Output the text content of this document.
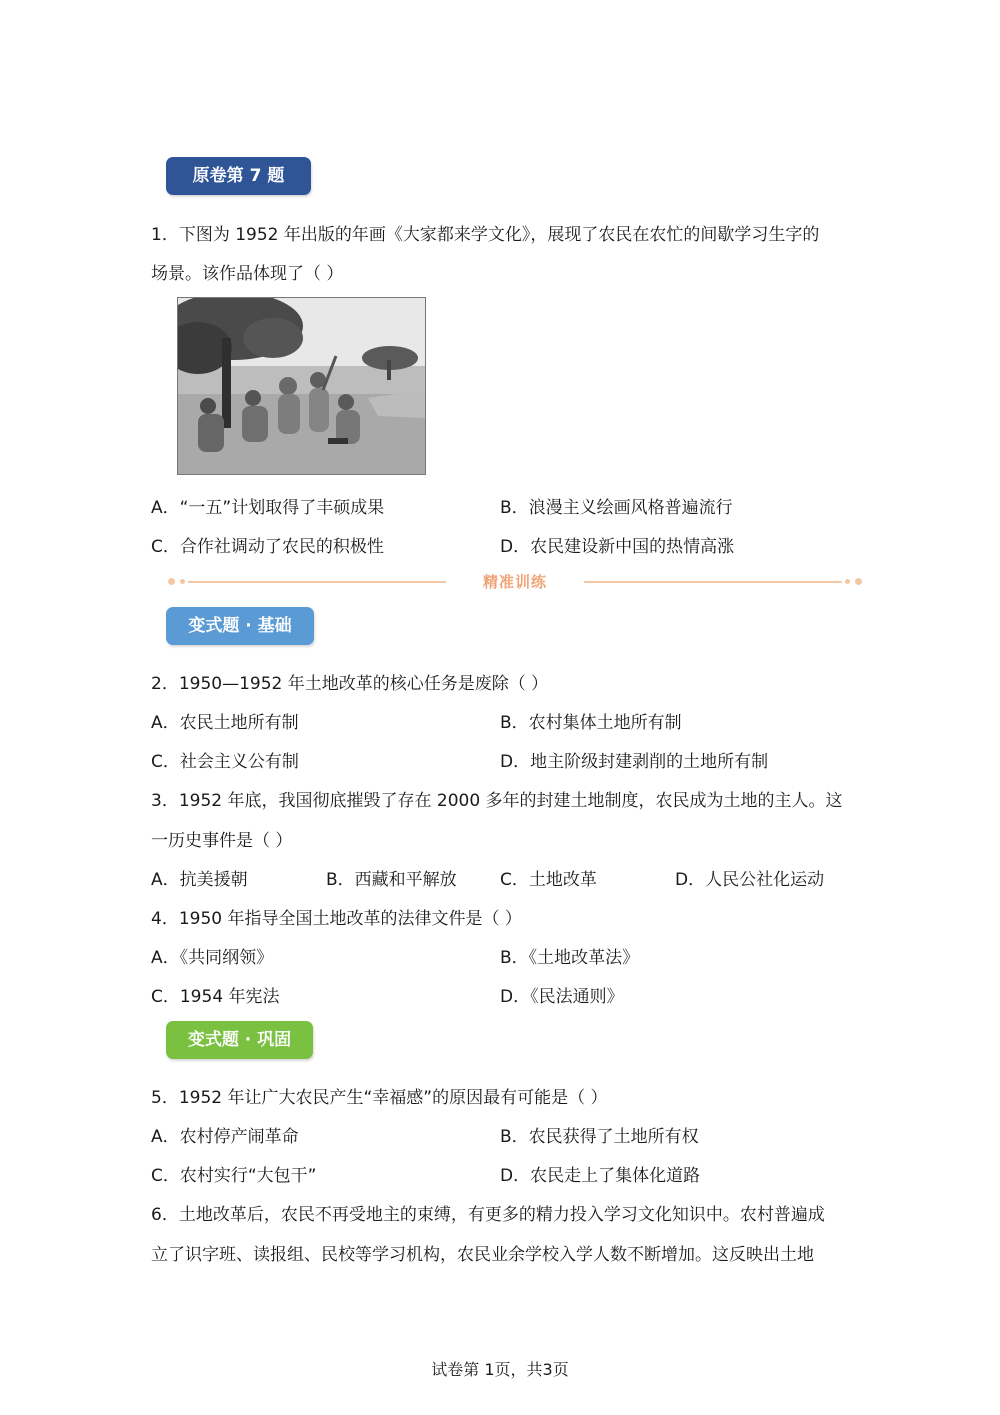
原卷第 7 题
1．下图为 1952 年出版的年画《大家都来学文化》，展现了农民在农忙的间歇学习生字的
场景。该作品体现了（ ）
A．“一五”计划取得了丰硕成果	B．浪漫主义绘画风格普遍流行
C．合作社调动了农民的积极性	D．农民建设新中国的热情高涨
精准训练
变式题 · 基础
2．1950—1952 年土地改革的核心任务是废除（ ）
A．农民土地所有制	B．农村集体土地所有制
C．社会主义公有制	D．地主阶级封建剥削的土地所有制
3．1952 年底，我国彻底摧毁了存在 2000 多年的封建土地制度，农民成为土地的主人。这
一历史事件是（ ）
A．抗美援朝	B．西藏和平解放	C．土地改革	D．人民公社化运动
4．1950 年指导全国土地改革的法律文件是（ ）
A．《共同纲领》	B．《土地改革法》
C．1954 年宪法	D．《民法通则》
变式题 · 巩固
5．1952 年让广大农民产生“幸福感”的原因最有可能是（ ）
A．农村停产闹革命	B．农民获得了土地所有权
C．农村实行“大包干”	D．农民走上了集体化道路
6．土地改革后，农民不再受地主的束缚，有更多的精力投入学习文化知识中。农村普遍成
立了识字班、读报组、民校等学习机构，农民业余学校入学人数不断增加。这反映出土地
试卷第 1页，共3页
